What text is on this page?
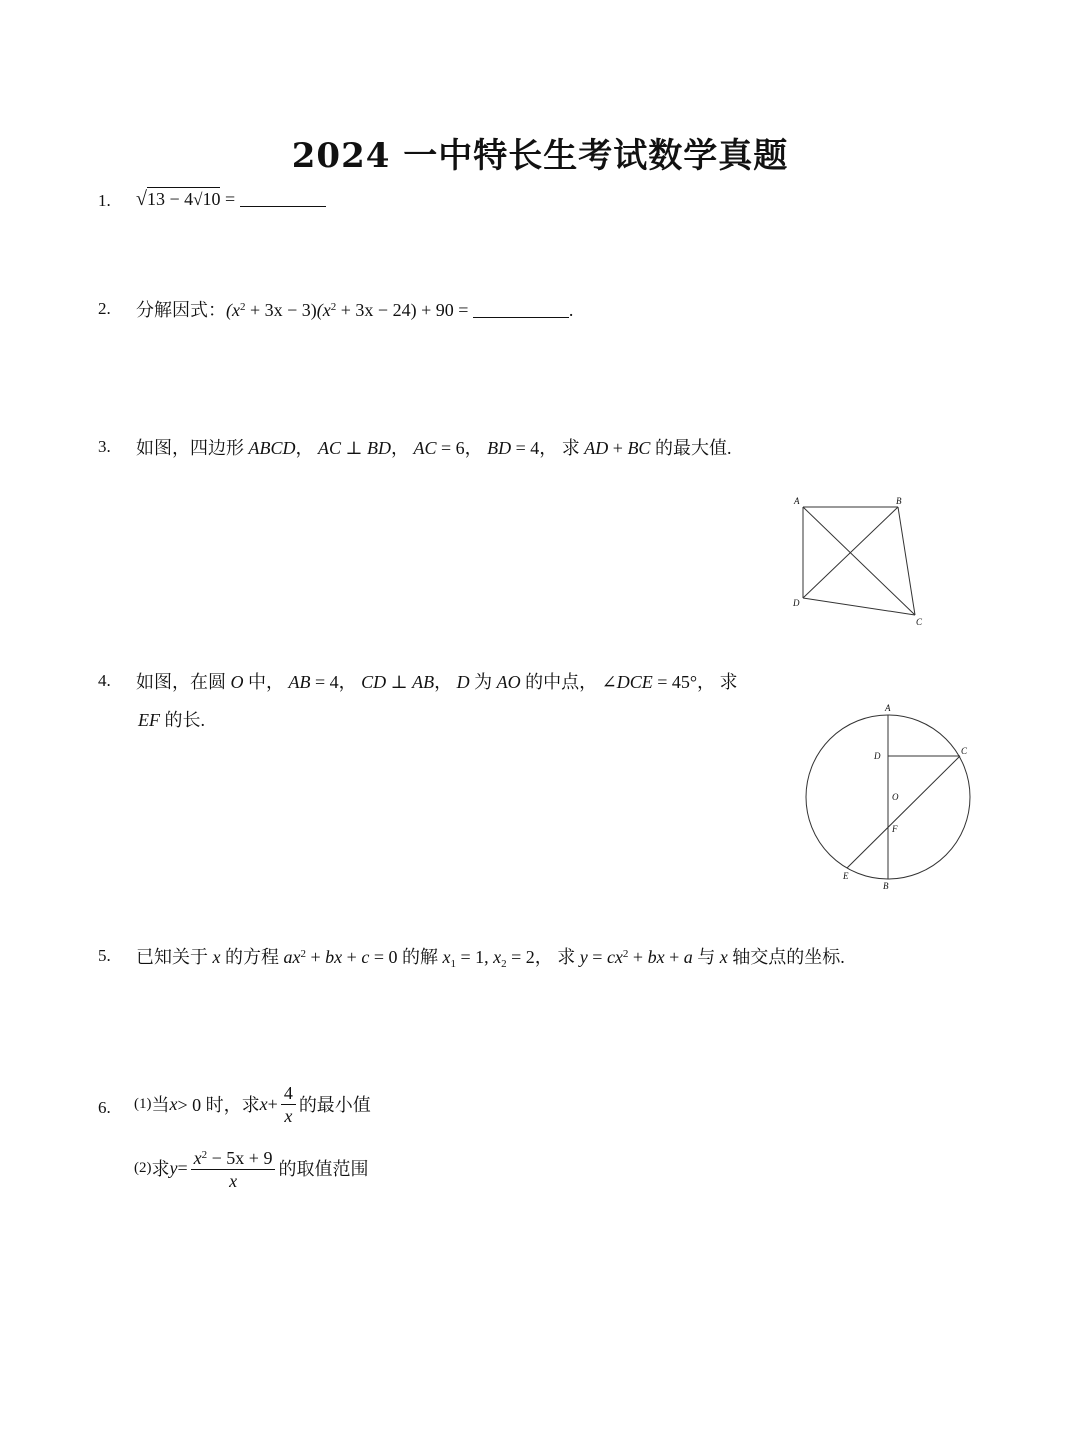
2024 一中特长生考试数学真题
1. √13 − 4√10 =
2. 分解因式：$(x^2 + 3x - 3)(x^2 + 3x - 24) + 90$ =	.
3. 如图，四边形 ABCD， AC ⊥ BD， AC = 6， BD = 4， 求 AD + BC 的最大值.
A	B
C
D
4. 如图，在圆 O 中， AB = 4， CD ⊥ AB， D 为 AO 的中点， ∠DCE = 45°， 求
EF 的长.
A
D	C
O
F
E
B
5. 已知关于 x 的方程 $ax^2$ + bx + c = 0 的解 $x_1 = 1$, $x_2 = 2$， 求 $y = cx^2$ + bx + a 与 x 轴交点的坐标.
6. (1) 当 x > 0 时，求 $x + \frac{4}{x}$ 的最小值
(2) 求 $y = \frac{x^2 - 5x + 9}{x}$ 的取值范围
